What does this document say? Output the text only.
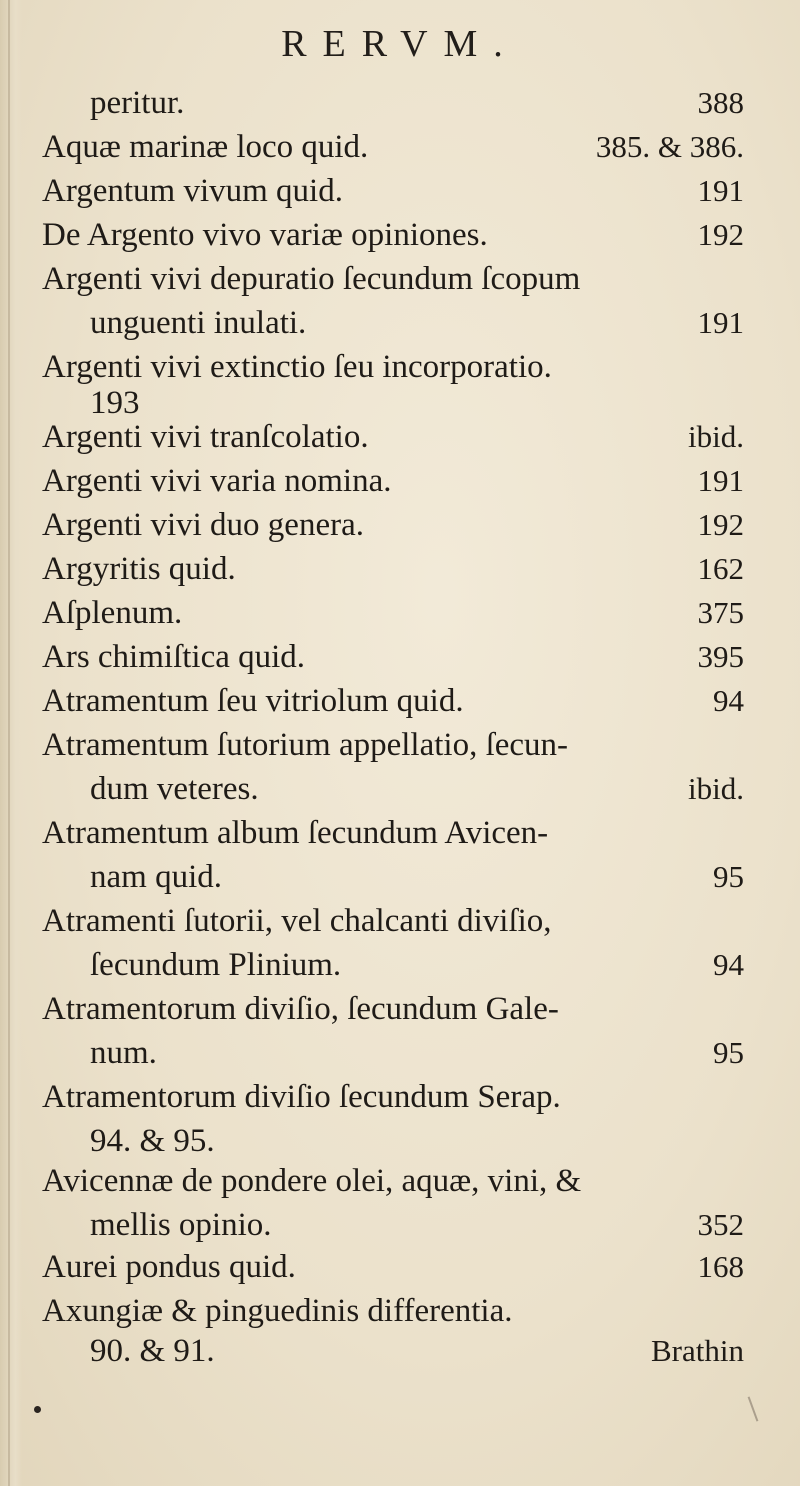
RERVM.
peritur.	388
Aquæ marinæ loco quid.	385. & 386.
Argentum vivum quid.	191
De Argento vivo variæ opiniones.	192
Argenti vivi depuratio ſecundum ſcopum
unguenti inulati.	191
Argenti vivi extinctio ſeu incorporatio.
193
Argenti vivi tranſcolatio.	ibid.
Argenti vivi varia nomina.	191
Argenti vivi duo genera.	192
Argyritis quid.	162
Aſplenum.	375
Ars chimiſtica quid.	395
Atramentum ſeu vitriolum quid.	94
Atramentum ſutorium appellatio, ſecun-
dum veteres.	ibid.
Atramentum album ſecundum Avicen-
nam quid.	95
Atramenti ſutorii, vel chalcanti diviſio,
ſecundum Plinium.	94
Atramentorum diviſio, ſecundum Gale-
num.	95
Atramentorum diviſio ſecundum Serap.
94. & 95.
Avicennæ de pondere olei, aquæ, vini, &
mellis opinio.	352
Aurei pondus quid.	168
Axungiæ & pinguedinis differentia.
90. & 91.	Brathin
